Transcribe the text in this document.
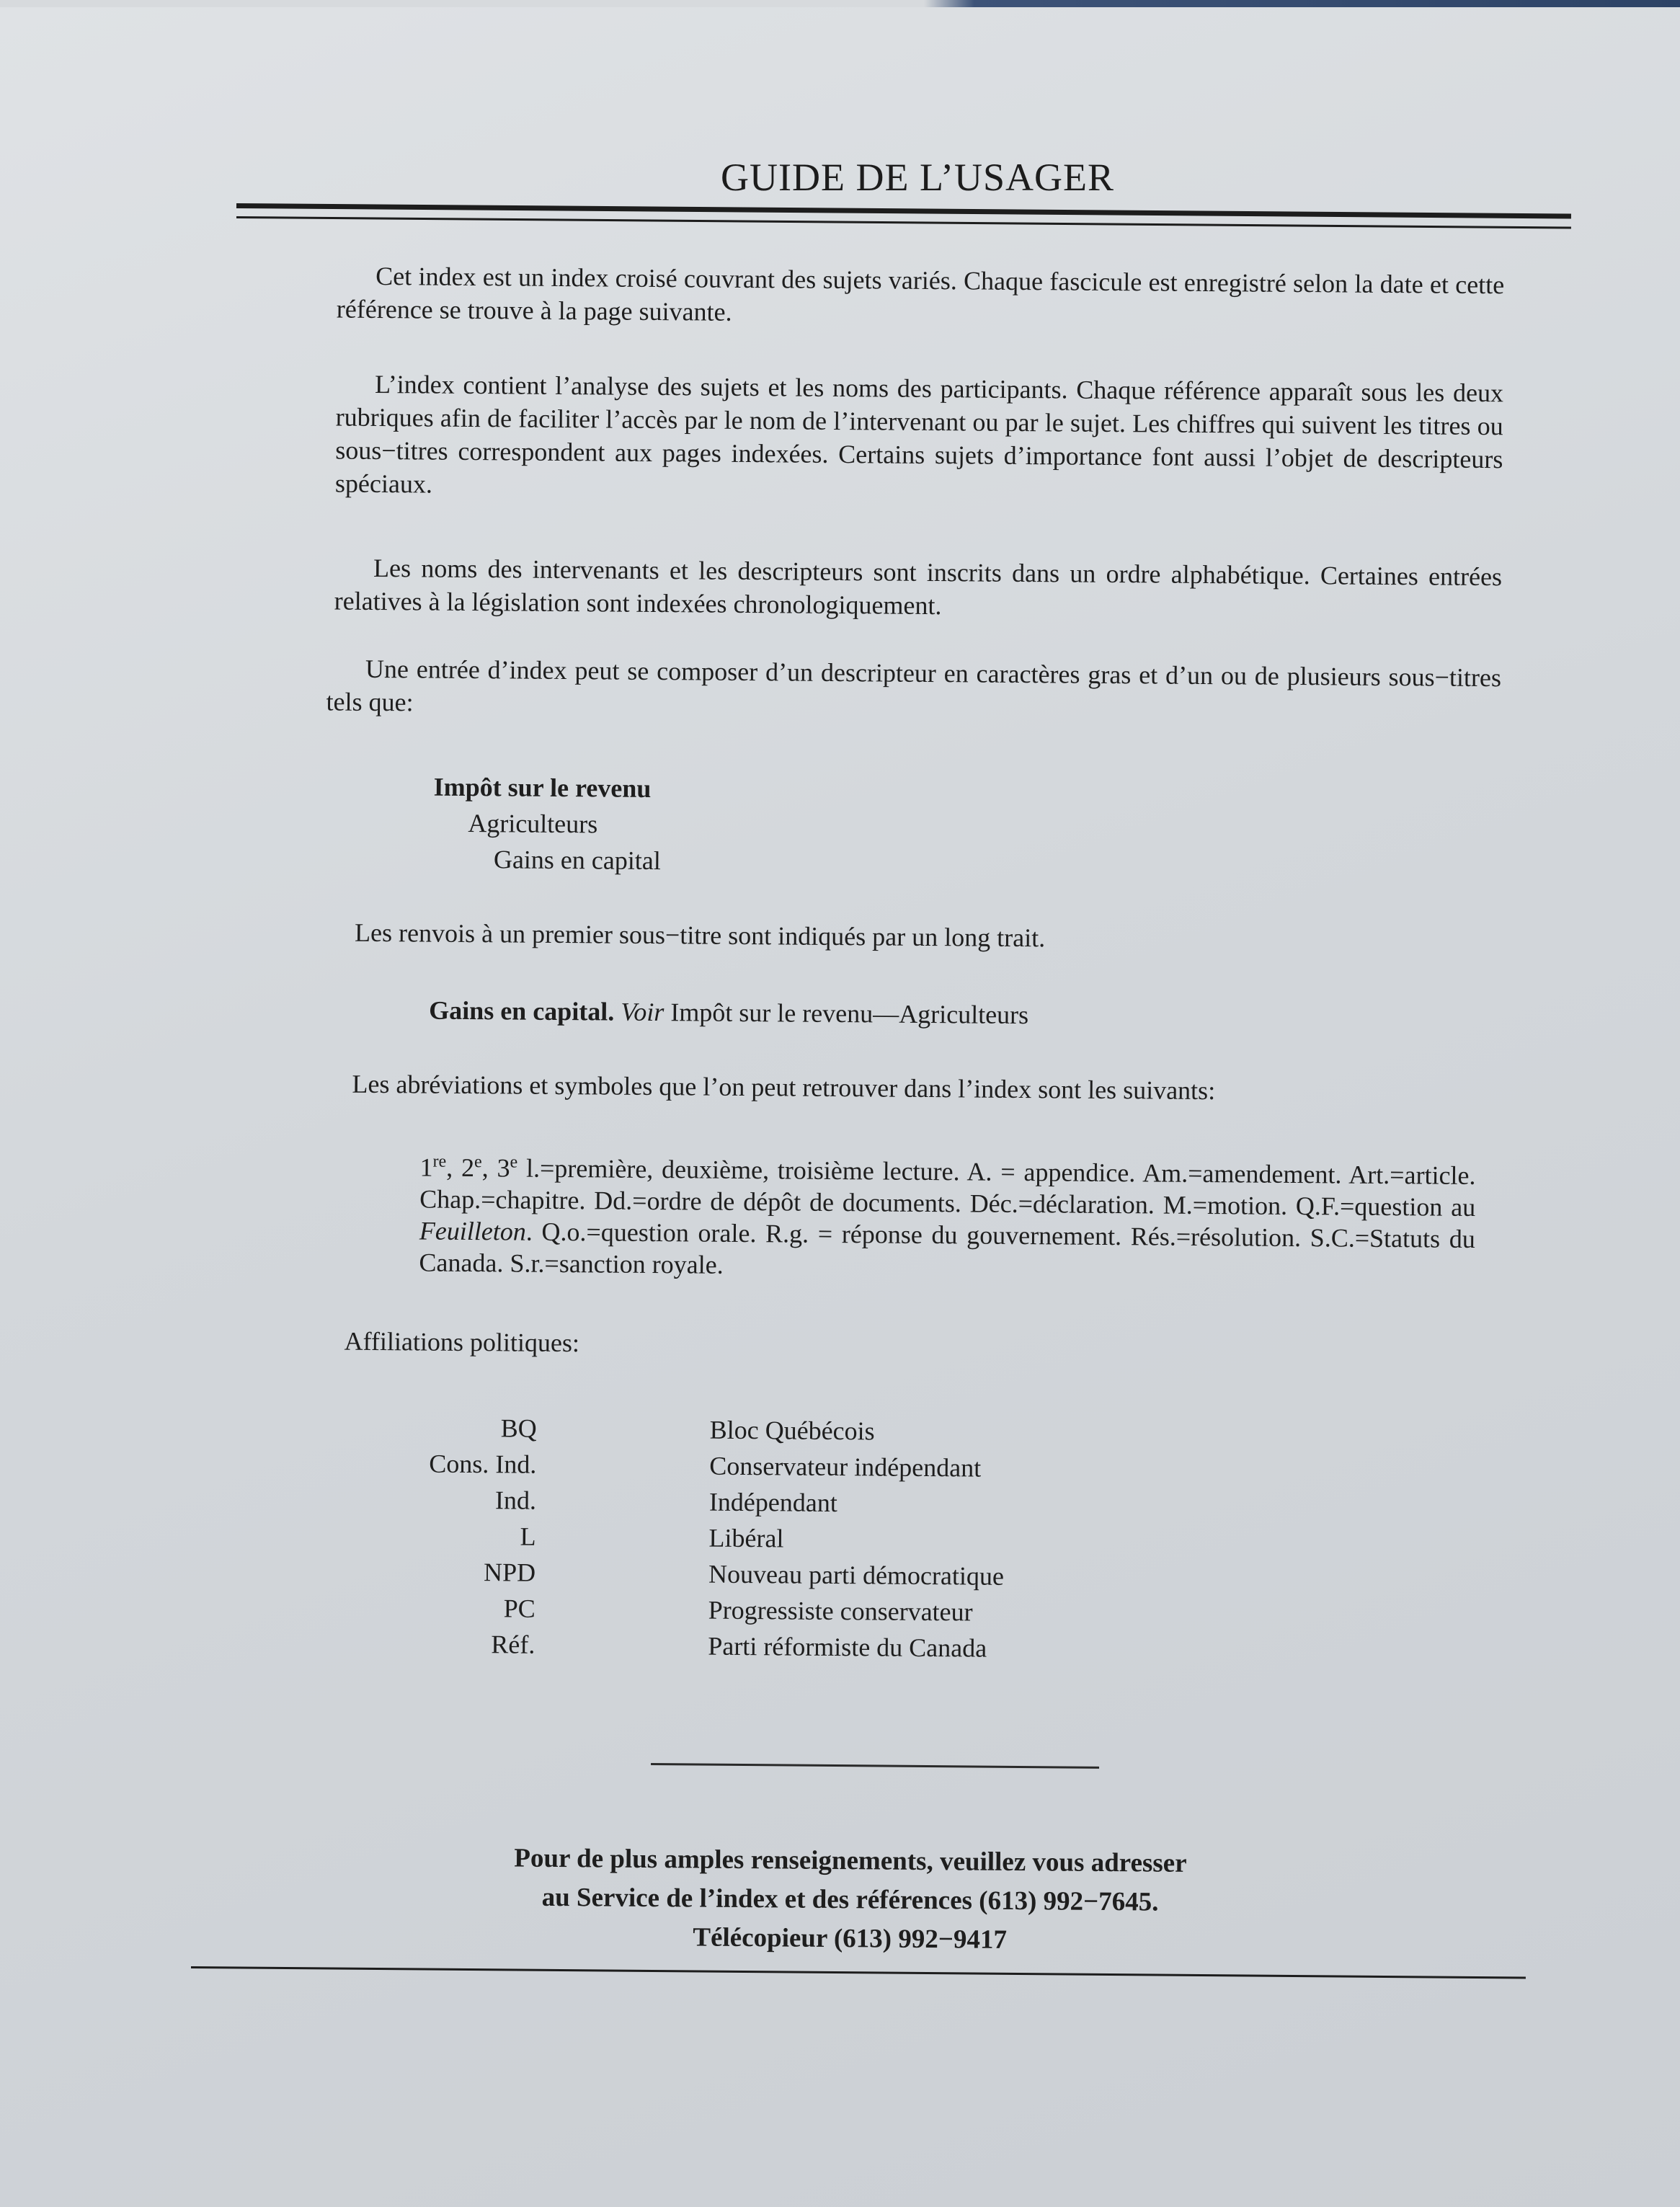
GUIDE DE L’USAGER
Cet index est un index croisé couvrant des sujets variés. Chaque fascicule est enregistré selon la date et cette référence se trouve à la page suivante.
L’index contient l’analyse des sujets et les noms des participants. Chaque référence apparaît sous les deux rubriques afin de faciliter l’accès par le nom de l’intervenant ou par le sujet. Les chiffres qui suivent les titres ou sous−titres correspondent aux pages indexées. Certains sujets d’importance font aussi l’objet de descripteurs spéciaux.
Les noms des intervenants et les descripteurs sont inscrits dans un ordre alphabétique. Certaines entrées relatives à la législation sont indexées chronologiquement.
Une entrée d’index peut se composer d’un descripteur en caractères gras et d’un ou de plusieurs sous−titres tels que:
Impôt sur le revenu
Agriculteurs
Gains en capital
Les renvois à un premier sous−titre sont indiqués par un long trait.
Gains en capital. Voir Impôt sur le revenu—Agriculteurs
Les abréviations et symboles que l’on peut retrouver dans l’index sont les suivants:
1re, 2e, 3e l.=première, deuxième, troisième lecture. A. = appendice. Am.=amendement. Art.=article. Chap.=chapitre. Dd.=ordre de dépôt de documents. Déc.=déclaration. M.=motion. Q.F.=question au Feuilleton. Q.o.=question orale. R.g. = réponse du gouvernement. Rés.=résolution. S.C.=Statuts du Canada. S.r.=sanction royale.
Affiliations politiques:
BQ
Cons. Ind.
Ind.
L
NPD
PC
Réf.
Bloc Québécois
Conservateur indépendant
Indépendant
Libéral
Nouveau parti démocratique
Progressiste conservateur
Parti réformiste du Canada
Pour de plus amples renseignements, veuillez vous adresser
au Service de l’index et des références (613) 992−7645.
Télécopieur (613) 992−9417
